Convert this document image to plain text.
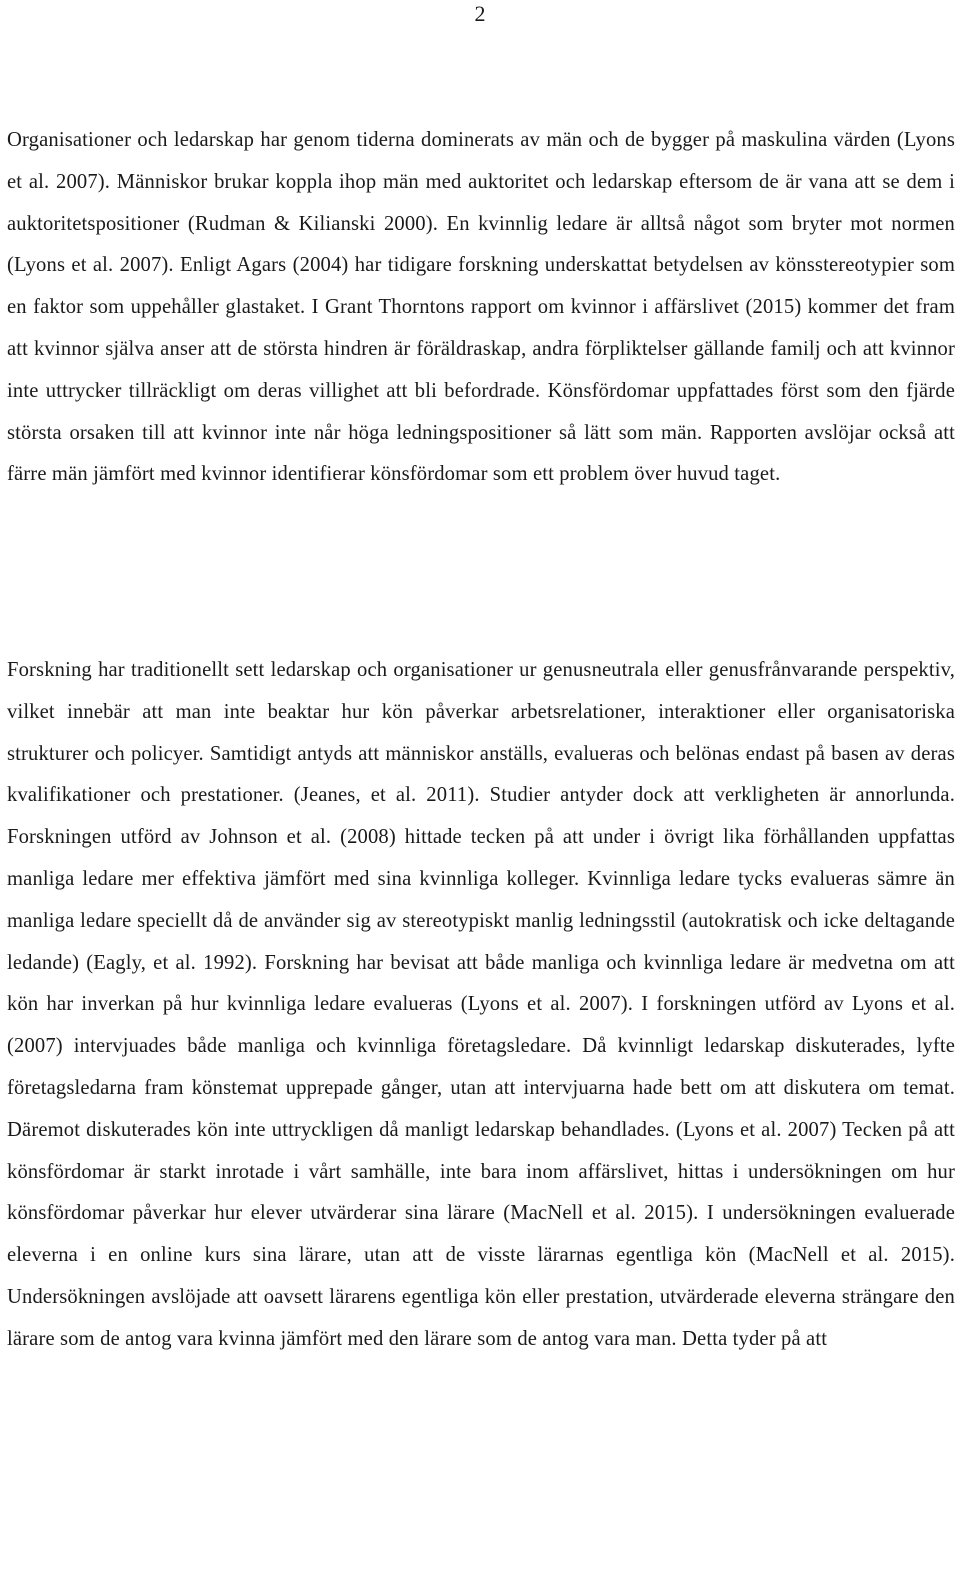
2

Organisationer och ledarskap har genom tiderna dominerats av män och de bygger på maskulina värden (Lyons et al. 2007). Människor brukar koppla ihop män med auktoritet och ledarskap eftersom de är vana att se dem i auktoritetspositioner (Rudman & Kilianski 2000). En kvinnlig ledare är alltså något som bryter mot normen (Lyons et al. 2007). Enligt Agars (2004) har tidigare forskning underskattat betydelsen av könsstereotypier som en faktor som uppehåller glastaket. I Grant Thorntons rapport om kvinnor i affärslivet (2015) kommer det fram att kvinnor själva anser att de största hindren är föräldraskap, andra förpliktelser gällande familj och att kvinnor inte uttrycker tillräckligt om deras villighet att bli befordrade. Könsfördomar uppfattades först som den fjärde största orsaken till att kvinnor inte når höga ledningspositioner så lätt som män. Rapporten avslöjar också att färre män jämfört med kvinnor identifierar könsfördomar som ett problem över huvud taget.

Forskning har traditionellt sett ledarskap och organisationer ur genusneutrala eller genusfrånvarande perspektiv, vilket innebär att man inte beaktar hur kön påverkar arbetsrelationer, interaktioner eller organisatoriska strukturer och policyer. Samtidigt antyds att människor anställs, evalueras och belönas endast på basen av deras kvalifikationer och prestationer. (Jeanes, et al. 2011). Studier antyder dock att verkligheten är annorlunda. Forskningen utförd av Johnson et al. (2008) hittade tecken på att under i övrigt lika förhållanden uppfattas manliga ledare mer effektiva jämfört med sina kvinnliga kolleger. Kvinnliga ledare tycks evalueras sämre än manliga ledare speciellt då de använder sig av stereotypiskt manlig ledningsstil (autokratisk och icke deltagande ledande) (Eagly, et al. 1992). Forskning har bevisat att både manliga och kvinnliga ledare är medvetna om att kön har inverkan på hur kvinnliga ledare evalueras (Lyons et al. 2007). I forskningen utförd av Lyons et al. (2007) intervjuades både manliga och kvinnliga företagsledare. Då kvinnligt ledarskap diskuterades, lyfte företagsledarna fram könstemat upprepade gånger, utan att intervjuarna hade bett om att diskutera om temat. Däremot diskuterades kön inte uttryckligen då manligt ledarskap behandlades. (Lyons et al. 2007) Tecken på att könsfördomar är starkt inrotade i vårt samhälle, inte bara inom affärslivet, hittas i undersökningen om hur könsfördomar påverkar hur elever utvärderar sina lärare (MacNell et al. 2015). I undersökningen evaluerade eleverna i en online kurs sina lärare, utan att de visste lärarnas egentliga kön (MacNell et al. 2015). Undersökningen avslöjade att oavsett lärarens egentliga kön eller prestation, utvärderade eleverna strängare den lärare som de antog vara kvinna jämfört med den lärare som de antog vara man. Detta tyder på att
